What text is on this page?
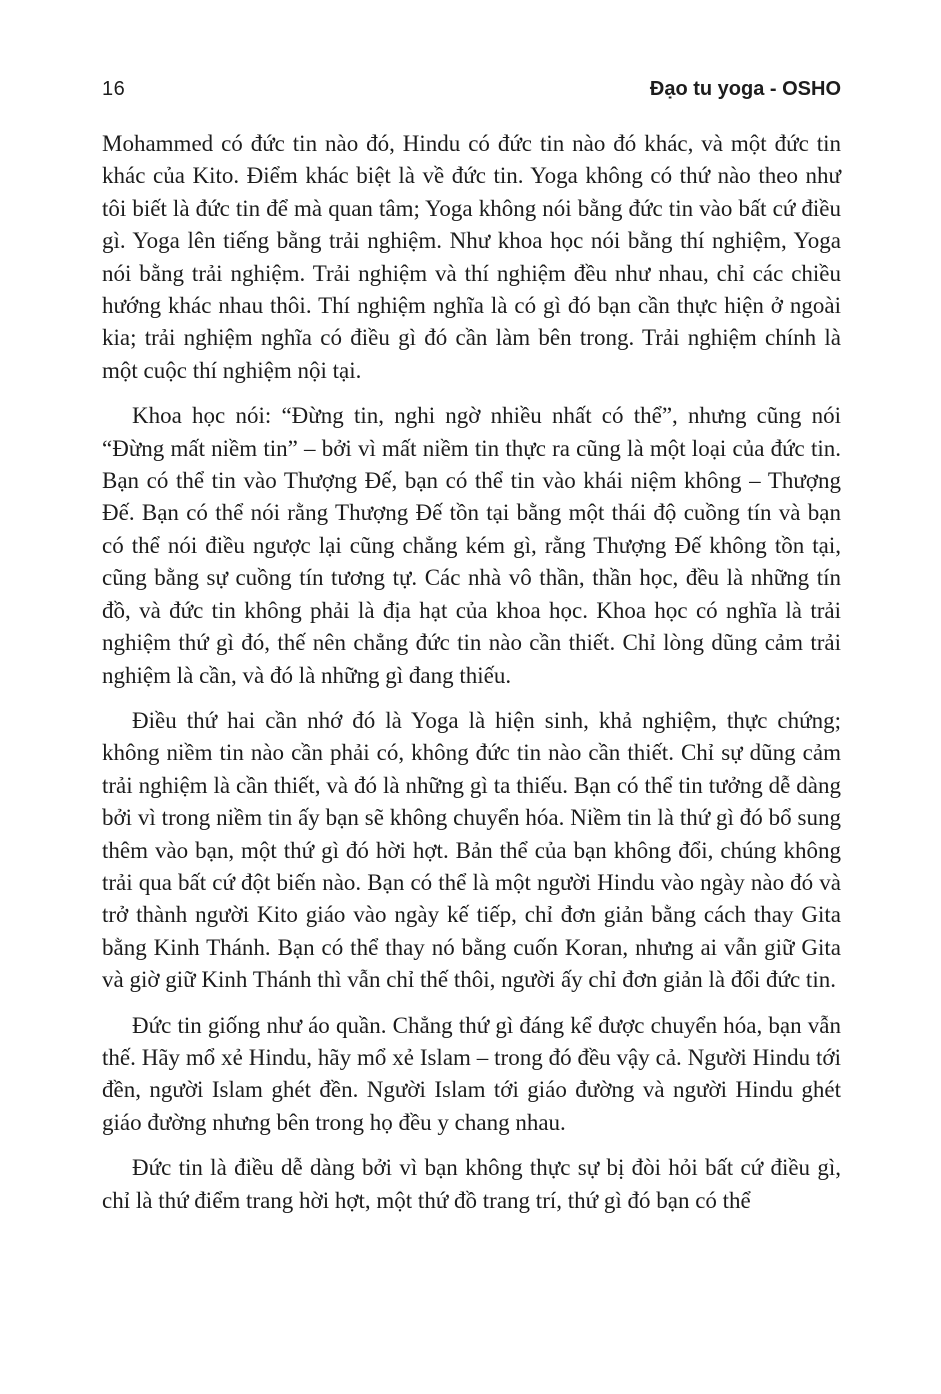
16	Đạo tu yoga - OSHO

Mohammed có đức tin nào đó, Hindu có đức tin nào đó khác, và một đức tin khác của Kito. Điểm khác biệt là về đức tin. Yoga không có thứ nào theo như tôi biết là đức tin để mà quan tâm; Yoga không nói bằng đức tin vào bất cứ điều gì. Yoga lên tiếng bằng trải nghiệm. Như khoa học nói bằng thí nghiệm, Yoga nói bằng trải nghiệm. Trải nghiệm và thí nghiệm đều như nhau, chỉ các chiều hướng khác nhau thôi. Thí nghiệm nghĩa là có gì đó bạn cần thực hiện ở ngoài kia; trải nghiệm nghĩa có điều gì đó cần làm bên trong. Trải nghiệm chính là một cuộc thí nghiệm nội tại.

Khoa học nói: “Đừng tin, nghi ngờ nhiều nhất có thể”, nhưng cũng nói “Đừng mất niềm tin” – bởi vì mất niềm tin thực ra cũng là một loại của đức tin. Bạn có thể tin vào Thượng Đế, bạn có thể tin vào khái niệm không – Thượng Đế. Bạn có thể nói rằng Thượng Đế tồn tại bằng một thái độ cuồng tín và bạn có thể nói điều ngược lại cũng chẳng kém gì, rằng Thượng Đế không tồn tại, cũng bằng sự cuồng tín tương tự. Các nhà vô thần, thần học, đều là những tín đồ, và đức tin không phải là địa hạt của khoa học. Khoa học có nghĩa là trải nghiệm thứ gì đó, thế nên chẳng đức tin nào cần thiết. Chỉ lòng dũng cảm trải nghiệm là cần, và đó là những gì đang thiếu.

Điều thứ hai cần nhớ đó là Yoga là hiện sinh, khả nghiệm, thực chứng; không niềm tin nào cần phải có, không đức tin nào cần thiết. Chỉ sự dũng cảm trải nghiệm là cần thiết, và đó là những gì ta thiếu. Bạn có thể tin tưởng dễ dàng bởi vì trong niềm tin ấy bạn sẽ không chuyển hóa. Niềm tin là thứ gì đó bổ sung thêm vào bạn, một thứ gì đó hời hợt. Bản thể của bạn không đổi, chúng không trải qua bất cứ đột biến nào. Bạn có thể là một người Hindu vào ngày nào đó và trở thành người Kito giáo vào ngày kế tiếp, chỉ đơn giản bằng cách thay Gita bằng Kinh Thánh. Bạn có thể thay nó bằng cuốn Koran, nhưng ai vẫn giữ Gita và giờ giữ Kinh Thánh thì vẫn chỉ thế thôi, người ấy chỉ đơn giản là đổi đức tin.

Đức tin giống như áo quần. Chẳng thứ gì đáng kể được chuyển hóa, bạn vẫn thế. Hãy mổ xẻ Hindu, hãy mổ xẻ Islam – trong đó đều vậy cả. Người Hindu tới đền, người Islam ghét đền. Người Islam tới giáo đường và người Hindu ghét giáo đường nhưng bên trong họ đều y chang nhau.

Đức tin là điều dễ dàng bởi vì bạn không thực sự bị đòi hỏi bất cứ điều gì, chỉ là thứ điểm trang hời hợt, một thứ đồ trang trí, thứ gì đó bạn có thể
